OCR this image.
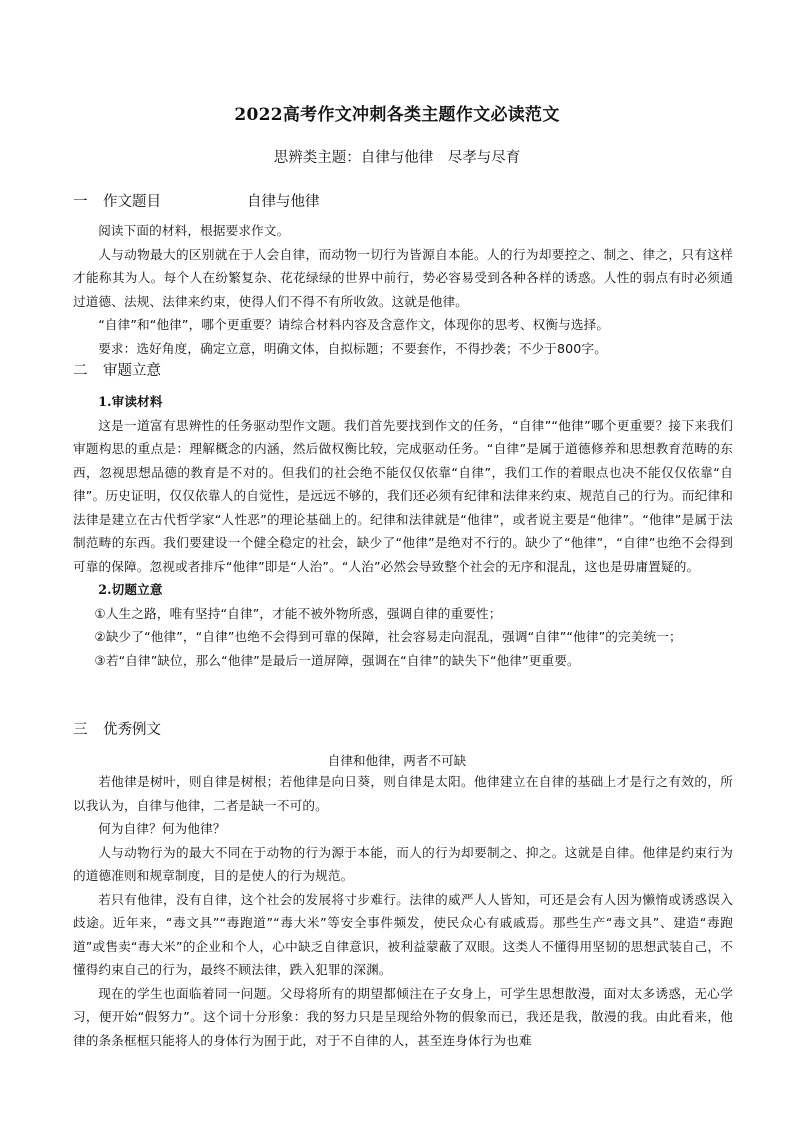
2022高考作文冲刺各类主题作文必读范文
思辨类主题：自律与他律　尽孝与尽育
一 作文题目	自律与他律

阅读下面的材料，根据要求作文。

人与动物最大的区别就在于人会自律，而动物一切行为皆源自本能。人的行为却要控之、制之、律之，只有这样才能称其为人。每个人在纷繁复杂、花花绿绿的世界中前行，势必容易受到各种各样的诱惑。人性的弱点有时必须通过道德、法规、法律来约束，使得人们不得不有所收敛。这就是他律。

“自律”和“他律”，哪个更重要？请综合材料内容及含意作文，体现你的思考、权衡与选择。

要求：选好角度，确定立意，明确文体，自拟标题；不要套作，不得抄袭；不少于800字。

二 审题立意

1.审读材料

这是一道富有思辨性的任务驱动型作文题。我们首先要找到作文的任务，“自律”“他律”哪个更重要？接下来我们审题构思的重点是：理解概念的内涵，然后做权衡比较，完成驱动任务。“自律”是属于道德修养和思想教育范畴的东西，忽视思想品德的教育是不对的。但我们的社会绝不能仅仅依靠“自律”，我们工作的着眼点也决不能仅仅依靠“自律”。历史证明，仅仅依靠人的自觉性，是远远不够的，我们还必须有纪律和法律来约束、规范自己的行为。而纪律和法律是建立在古代哲学家“人性恶”的理论基础上的。纪律和法律就是“他律”，或者说主要是“他律”。“他律”是属于法制范畴的东西。我们要建设一个健全稳定的社会，缺少了“他律”是绝对不行的。缺少了“他律”，“自律”也绝不会得到可靠的保障。忽视或者排斥“他律”即是“人治”。“人治”必然会导致整个社会的无序和混乱，这也是毋庸置疑的。

2.切题立意

①人生之路，唯有坚持“自律”，才能不被外物所惑，强调自律的重要性；

②缺少了“他律”，“自律”也绝不会得到可靠的保障，社会容易走向混乱，强调“自律”“他律”的完美统一；

③若“自律”缺位，那么“他律”是最后一道屏障，强调在“自律”的缺失下“他律”更重要。

三 优秀例文
自律和他律，两者不可缺

若他律是树叶，则自律是树根；若他律是向日葵，则自律是太阳。他律建立在自律的基础上才是行之有效的，所以我认为，自律与他律，二者是缺一不可的。

何为自律？何为他律？

人与动物行为的最大不同在于动物的行为源于本能，而人的行为却要制之、抑之。这就是自律。他律是约束行为的道德准则和规章制度，目的是使人的行为规范。

若只有他律，没有自律，这个社会的发展将寸步难行。法律的威严人人皆知，可还是会有人因为懒惰或诱惑误入歧途。近年来，“毒文具”“毒跑道”“毒大米”等安全事件频发，使民众心有戚戚焉。那些生产“毒文具”、建造“毒跑道”或售卖“毒大米”的企业和个人，心中缺乏自律意识，被利益蒙蔽了双眼。这类人不懂得用坚韧的思想武装自己，不懂得约束自己的行为，最终不顾法律，跌入犯罪的深渊。

现在的学生也面临着同一问题。父母将所有的期望都倾注在子女身上，可学生思想散漫，面对太多诱惑，无心学习，便开始“假努力”。这个词十分形象：我的努力只是呈现给外物的假象而已，我还是我，散漫的我。由此看来，他律的条条框框只能将人的身体行为囿于此，对于不自律的人，甚至连身体行为也难
